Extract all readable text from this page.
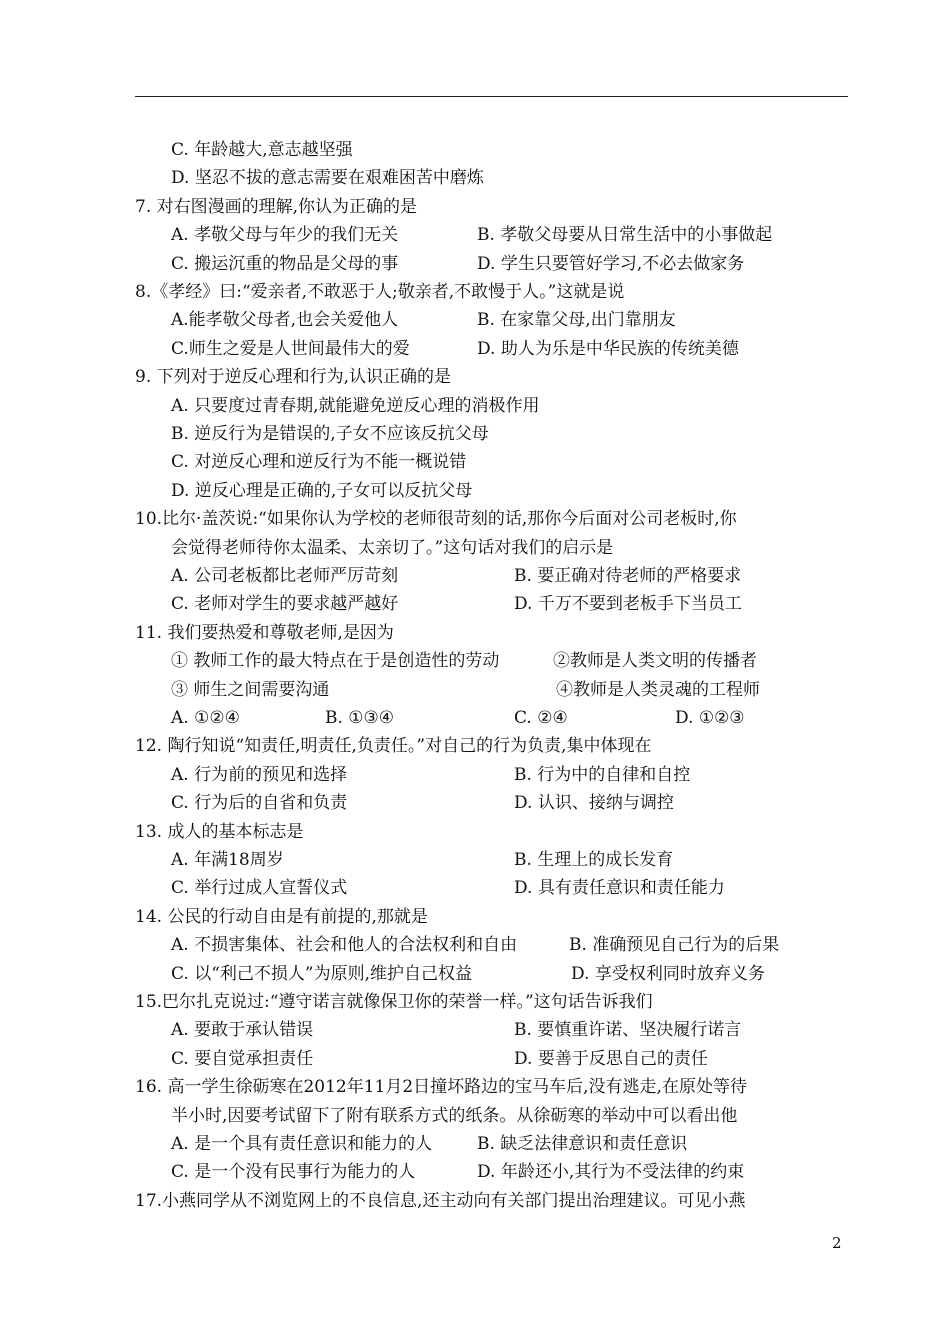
C. 年龄越大,意志越坚强
D. 坚忍不拔的意志需要在艰难困苦中磨炼
7. 对右图漫画的理解,你认为正确的是
A. 孝敬父母与年少的我们无关	B. 孝敬父母要从日常生活中的小事做起
C. 搬运沉重的物品是父母的事	D. 学生只要管好学习,不必去做家务
8.《孝经》曰:“爱亲者,不敢恶于人;敬亲者,不敢慢于人。”这就是说
A.能孝敬父母者,也会关爱他人	B. 在家靠父母,出门靠朋友
C.师生之爱是人世间最伟大的爱	D. 助人为乐是中华民族的传统美德
9. 下列对于逆反心理和行为,认识正确的是
A. 只要度过青春期,就能避免逆反心理的消极作用
B. 逆反行为是错误的,子女不应该反抗父母
C. 对逆反心理和逆反行为不能一概说错
D. 逆反心理是正确的,子女可以反抗父母
10.比尔·盖茨说:“如果你认为学校的老师很苛刻的话,那你今后面对公司老板时,你
会觉得老师待你太温柔、太亲切了。”这句话对我们的启示是
A. 公司老板都比老师严厉苛刻	B. 要正确对待老师的严格要求
C. 老师对学生的要求越严越好	D. 千万不要到老板手下当员工
11. 我们要热爱和尊敬老师,是因为
① 教师工作的最大特点在于是创造性的劳动	②教师是人类文明的传播者
③ 师生之间需要沟通	④教师是人类灵魂的工程师
A. ①②④	B. ①③④	C. ②④	D. ①②③
12. 陶行知说“知责任,明责任,负责任。”对自己的行为负责,集中体现在
A. 行为前的预见和选择	B. 行为中的自律和自控
C. 行为后的自省和负责	D. 认识、接纳与调控
13. 成人的基本标志是
A. 年满18周岁	B. 生理上的成长发育
C. 举行过成人宣誓仪式	D. 具有责任意识和责任能力
14. 公民的行动自由是有前提的,那就是
A. 不损害集体、社会和他人的合法权利和自由	B. 准确预见自己行为的后果
C. 以“利己不损人”为原则,维护自己权益	D. 享受权利同时放弃义务
15.巴尔扎克说过:“遵守诺言就像保卫你的荣誉一样。”这句话告诉我们
A. 要敢于承认错误	B. 要慎重许诺、坚决履行诺言
C. 要自觉承担责任	D. 要善于反思自己的责任
16. 高一学生徐砺寒在2012年11月2日撞坏路边的宝马车后,没有逃走,在原处等待
半小时,因要考试留下了附有联系方式的纸条。从徐砺寒的举动中可以看出他
A. 是一个具有责任意识和能力的人	B. 缺乏法律意识和责任意识
C. 是一个没有民事行为能力的人	D. 年龄还小,其行为不受法律的约束
17.小燕同学从不浏览网上的不良信息,还主动向有关部门提出治理建议。可见小燕
2
